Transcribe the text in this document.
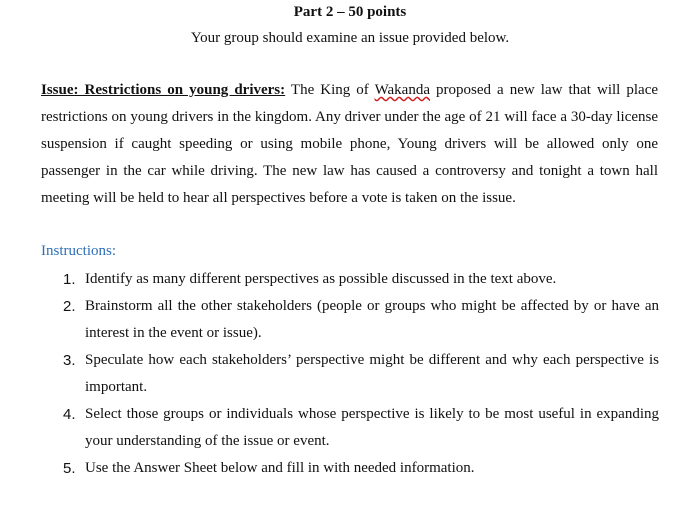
Part 2 – 50 points
Your group should examine an issue provided below.

Issue: Restrictions on young drivers: The King of Wakanda proposed a new law that will place restrictions on young drivers in the kingdom. Any driver under the age of 21 will face a 30-day license suspension if caught speeding or using mobile phone, Young drivers will be allowed only one passenger in the car while driving. The new law has caused a controversy and tonight a town hall meeting will be held to hear all perspectives before a vote is taken on the issue.

Instructions:
1. Identify as many different perspectives as possible discussed in the text above.
2. Brainstorm all the other stakeholders (people or groups who might be affected by or have an interest in the event or issue).
3. Speculate how each stakeholders’ perspective might be different and why each perspective is important.
4. Select those groups or individuals whose perspective is likely to be most useful in expanding your understanding of the issue or event.
5. Use the Answer Sheet below and fill in with needed information.
